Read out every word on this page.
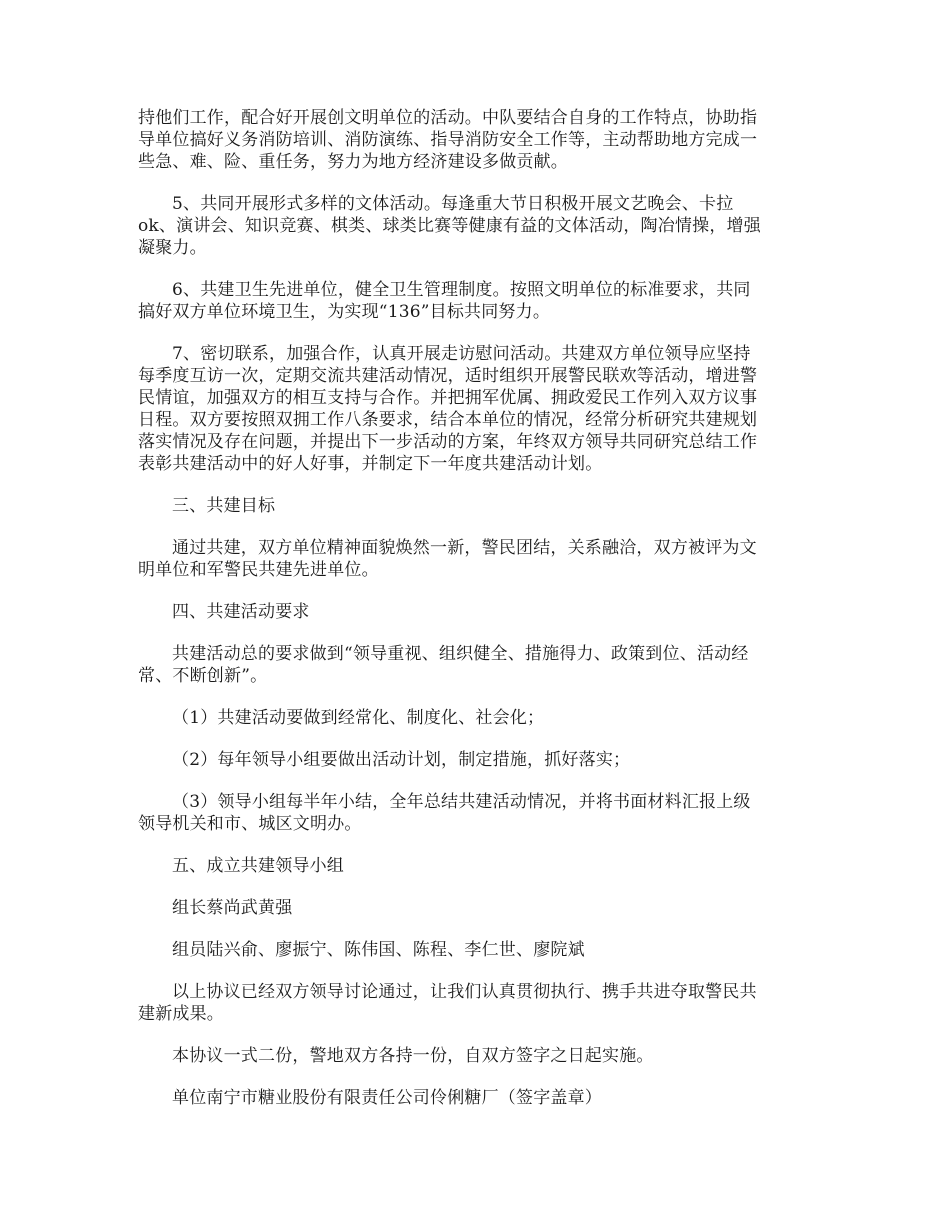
持他们工作，配合好开展创文明单位的活动。中队要结合自身的工作特点，协助指
导单位搞好义务消防培训、消防演练、指导消防安全工作等，主动帮助地方完成一
些急、难、险、重任务，努力为地方经济建设多做贡献。

5、共同开展形式多样的文体活动。每逢重大节日积极开展文艺晚会、卡拉
ok、演讲会、知识竞赛、棋类、球类比赛等健康有益的文体活动，陶冶情操，增强
凝聚力。

6、共建卫生先进单位，健全卫生管理制度。按照文明单位的标准要求，共同
搞好双方单位环境卫生，为实现“136”目标共同努力。

7、密切联系，加强合作，认真开展走访慰问活动。共建双方单位领导应坚持
每季度互访一次，定期交流共建活动情况，适时组织开展警民联欢等活动，增进警
民情谊，加强双方的相互支持与合作。并把拥军优属、拥政爱民工作列入双方议事
日程。双方要按照双拥工作八条要求，结合本单位的情况，经常分析研究共建规划
落实情况及存在问题，并提出下一步活动的方案，年终双方领导共同研究总结工作
表彰共建活动中的好人好事，并制定下一年度共建活动计划。

三、共建目标

通过共建，双方单位精神面貌焕然一新，警民团结，关系融洽，双方被评为文
明单位和军警民共建先进单位。

四、共建活动要求

共建活动总的要求做到“领导重视、组织健全、措施得力、政策到位、活动经
常、不断创新”。

（1）共建活动要做到经常化、制度化、社会化；

（2）每年领导小组要做出活动计划，制定措施，抓好落实；

（3）领导小组每半年小结，全年总结共建活动情况，并将书面材料汇报上级
领导机关和市、城区文明办。

五、成立共建领导小组

组长蔡尚武黄强

组员陆兴俞、廖振宁、陈伟国、陈程、李仁世、廖院斌

以上协议已经双方领导讨论通过，让我们认真贯彻执行、携手共进夺取警民共
建新成果。

本协议一式二份，警地双方各持一份，自双方签字之日起实施。

单位南宁市糖业股份有限责任公司伶俐糖厂（签字盖章）
